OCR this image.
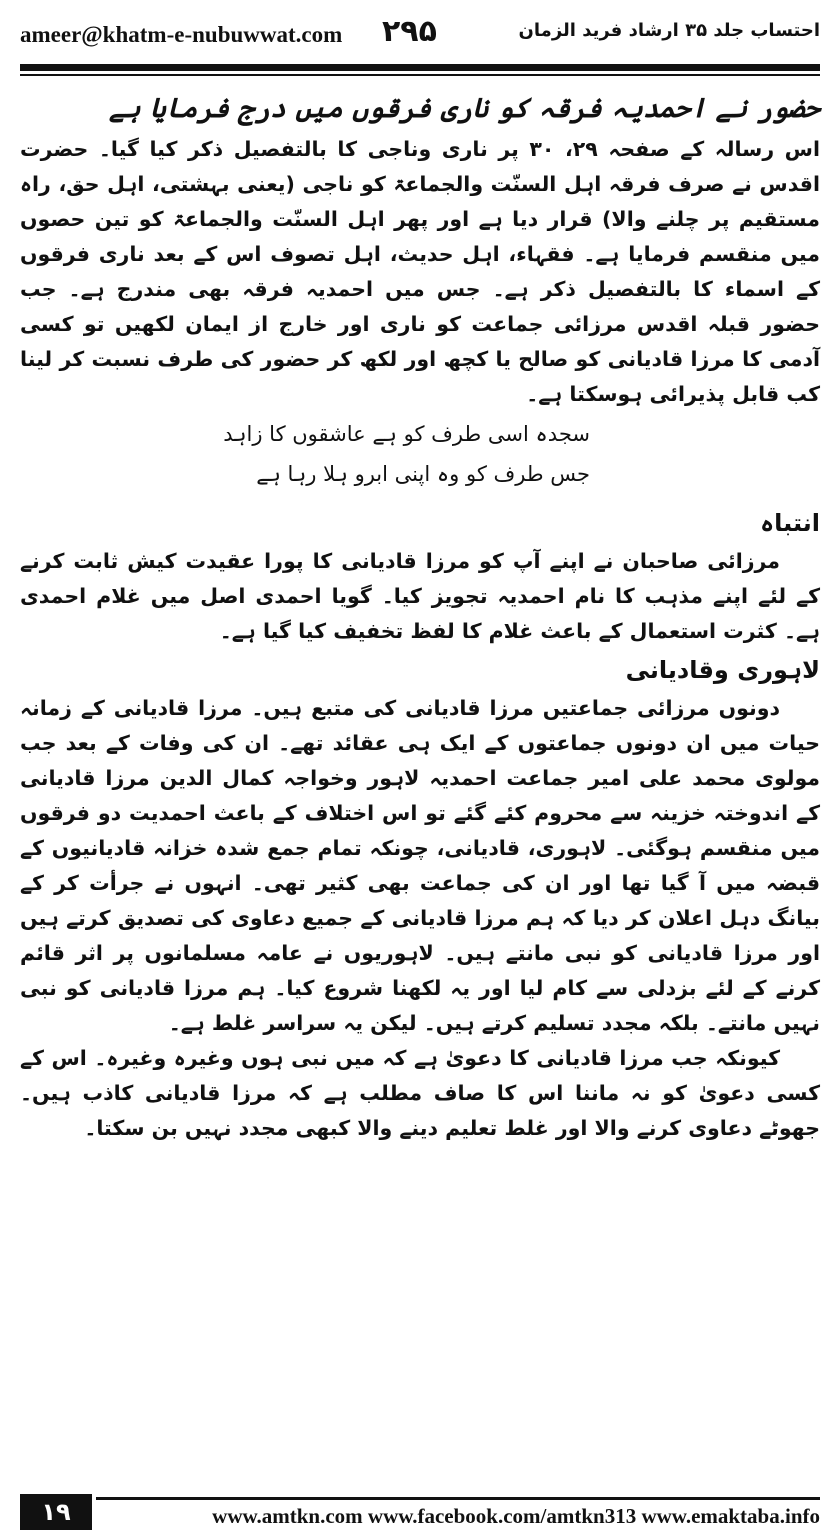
ameer@khatm-e-nubuwwat.com ۲۹۵	احتساب جلد ۳۵ ارشاد فرید الزمان

حضور نے احمدیہ فرقہ کو ناری فرقوں میں درج فرمایا ہے

اس رسالہ کے صفحہ ۲۹، ۳۰ پر ناری وناجی کا بالتفصیل ذکر کیا گیا۔ حضرت اقدس نے صرف فرقہ اہل السنّت والجماعۃ کو ناجی (یعنی بہشتی، اہل حق، راہ مستقیم پر چلنے والا) قرار دیا ہے اور پھر اہل السنّت والجماعۃ کو تین حصوں میں منقسم فرمایا ہے۔ فقہاء، اہل حدیث، اہل تصوف اس کے بعد ناری فرقوں کے اسماء کا بالتفصیل ذکر ہے۔ جس میں احمدیہ فرقہ بھی مندرج ہے۔ جب حضور قبلہ اقدس مرزائی جماعت کو ناری اور خارج از ایمان لکھیں تو کسی آدمی کا مرزا قادیانی کو صالح یا کچھ اور لکھ کر حضور کی طرف نسبت کر لینا کب قابل پذیرائی ہوسکتا ہے۔

سجدہ اسی طرف کو ہے عاشقوں کا زاہد
جس طرف کو وہ اپنی ابرو ہلا رہا ہے

انتباہ

مرزائی صاحبان نے اپنے آپ کو مرزا قادیانی کا پورا عقیدت کیش ثابت کرنے کے لئے اپنے مذہب کا نام احمدیہ تجویز کیا۔ گویا احمدی اصل میں غلام احمدی ہے۔ کثرت استعمال کے باعث غلام کا لفظ تخفیف کیا گیا ہے۔

لاہوری وقادیانی

دونوں مرزائی جماعتیں مرزا قادیانی کی متبع ہیں۔ مرزا قادیانی کے زمانہ حیات میں ان دونوں جماعتوں کے ایک ہی عقائد تھے۔ ان کی وفات کے بعد جب مولوی محمد علی امیر جماعت احمدیہ لاہور وخواجہ کمال الدین مرزا قادیانی کے اندوختہ خزینہ سے محروم کئے گئے تو اس اختلاف کے باعث احمدیت دو فرقوں میں منقسم ہوگئی۔ لاہوری، قادیانی، چونکہ تمام جمع شدہ خزانہ قادیانیوں کے قبضہ میں آ گیا تھا اور ان کی جماعت بھی کثیر تھی۔ انہوں نے جرأت کر کے بیانگ دہل اعلان کر دیا کہ ہم مرزا قادیانی کے جمیع دعاوی کی تصدیق کرتے ہیں اور مرزا قادیانی کو نبی مانتے ہیں۔ لاہوریوں نے عامہ مسلمانوں پر اثر قائم کرنے کے لئے بزدلی سے کام لیا اور یہ لکھنا شروع کیا۔ ہم مرزا قادیانی کو نبی نہیں مانتے۔ بلکہ مجدد تسلیم کرتے ہیں۔ لیکن یہ سراسر غلط ہے۔

کیونکہ جب مرزا قادیانی کا دعویٰ ہے کہ میں نبی ہوں وغیرہ وغیرہ۔ اس کے کسی دعویٰ کو نہ ماننا اس کا صاف مطلب ہے کہ مرزا قادیانی کاذب ہیں۔ جھوٹے دعاوی کرنے والا اور غلط تعلیم دینے والا کبھی مجدد نہیں بن سکتا۔

۱۹	www.amtkn.com www.facebook.com/amtkn313 www.emaktaba.info
